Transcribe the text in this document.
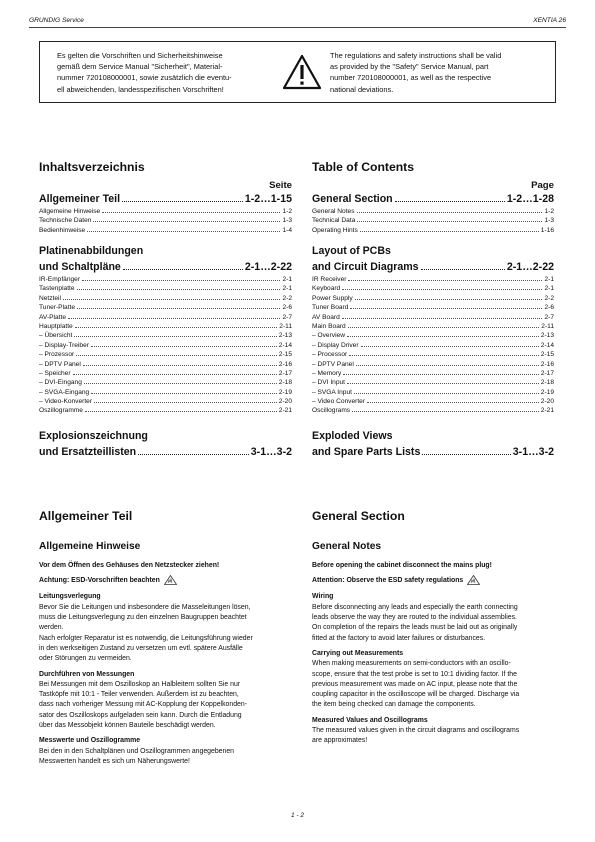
GRUNDIG Service	XENTIA 26
Es gelten die Vorschriften und Sicherheitshinweise
gemäß dem Service Manual "Sicherheit", Material-
nummer 720108000001, sowie zusätzlich die eventu-
ell abweichenden, landesspezifischen Vorschriften!
The regulations and safety instructions shall be valid
as provided by the "Safety" Service Manual, part
number 720108000001, as well as the respective
national deviations.
Inhaltsverzeichnis
Seite
Allgemeiner Teil	1-2…1-15
Allgemeine Hinweise	1-2
Technische Daten	1-3
Bedienhinweise	1-4
Platinenabbildungen
und Schaltpläne	2-1…2-22
IR-Empfänger	2-1
Tastenplatte	2-1
Netzteil	2-2
Tuner-Platte	2-6
AV-Platte	2-7
Hauptplatte	2-11
– Übersicht	2-13
– Display-Treiber	2-14
– Prozessor	2-15
– DPTV Panel	2-16
– Speicher	2-17
– DVI-Eingang	2-18
– SVGA-Eingang	2-19
– Video-Konverter	2-20
Oszillogramme	2-21
Explosionszeichnung
und Ersatzteillisten	3-1…3-2
Table of Contents
Page
General Section	1-2…1-28
General Notes	1-2
Technical Data	1-3
Operating Hints	1-16
Layout of PCBs
and Circuit Diagrams	2-1…2-22
IR Receiver	2-1
Keyboard	2-1
Power Supply	2-2
Tuner Board	2-6
AV Board	2-7
Main Board	2-11
– Overview	2-13
– Display Driver	2-14
– Processor	2-15
– DPTV Panel	2-16
– Memory	2-17
– DVI Input	2-18
– SVGA Input	2-19
– Video Converter	2-20
Oscillograms	2-21
Exploded Views
and Spare Parts Lists	3-1…3-2
Allgemeiner Teil
Allgemeine Hinweise
Vor dem Öffnen des Gehäuses den Netzstecker ziehen!
Achtung: ESD-Vorschriften beachten
Leitungsverlegung
Bevor Sie die Leitungen und insbesondere die Masseleitungen lösen,
muss die Leitungsverlegung zu den einzelnen Baugruppen beachtet
werden.
Nach erfolgter Reparatur ist es notwendig, die Leitungsführung wieder
in den werkseitigen Zustand zu versetzen um evtl. spätere Ausfälle
oder Störungen zu vermeiden.
Durchführen von Messungen
Bei Messungen mit dem Oszilloskop an Halbleitern sollten Sie nur
Tastköpfe mit 10:1 - Teiler verwenden. Außerdem ist zu beachten,
dass nach vorheriger Messung mit AC-Kopplung der Koppelkonden-
sator des Oszilloskops aufgeladen sein kann. Durch die Entladung
über das Messobjekt können Bauteile beschädigt werden.
Messwerte und Oszillogramme
Bei den in den Schaltplänen und Oszillogrammen angegebenen
Messwerten handelt es sich um Näherungswerte!
General Section
General Notes
Before opening the cabinet disconnect the mains plug!
Attention: Observe the ESD safety regulations
Wiring
Before disconnecting any leads and especially the earth connecting
leads observe the way they are routed to the individual assemblies.
On completion of the repairs the leads must be laid out as originally
fitted at the factory to avoid later failures or disturbances.
Carrying out Measurements
When making measurements on semi-conductors with an oscillo-
scope, ensure that the test probe is set to 10:1 dividing factor. If the
previous measurement was made on AC input, please note that the
coupling capacitor in the oscilloscope will be charged. Discharge via
the item being checked can damage the components.
Measured Values and Oscillograms
The measured values given in the circuit diagrams and oscillograms
are approximates!
1 - 2
